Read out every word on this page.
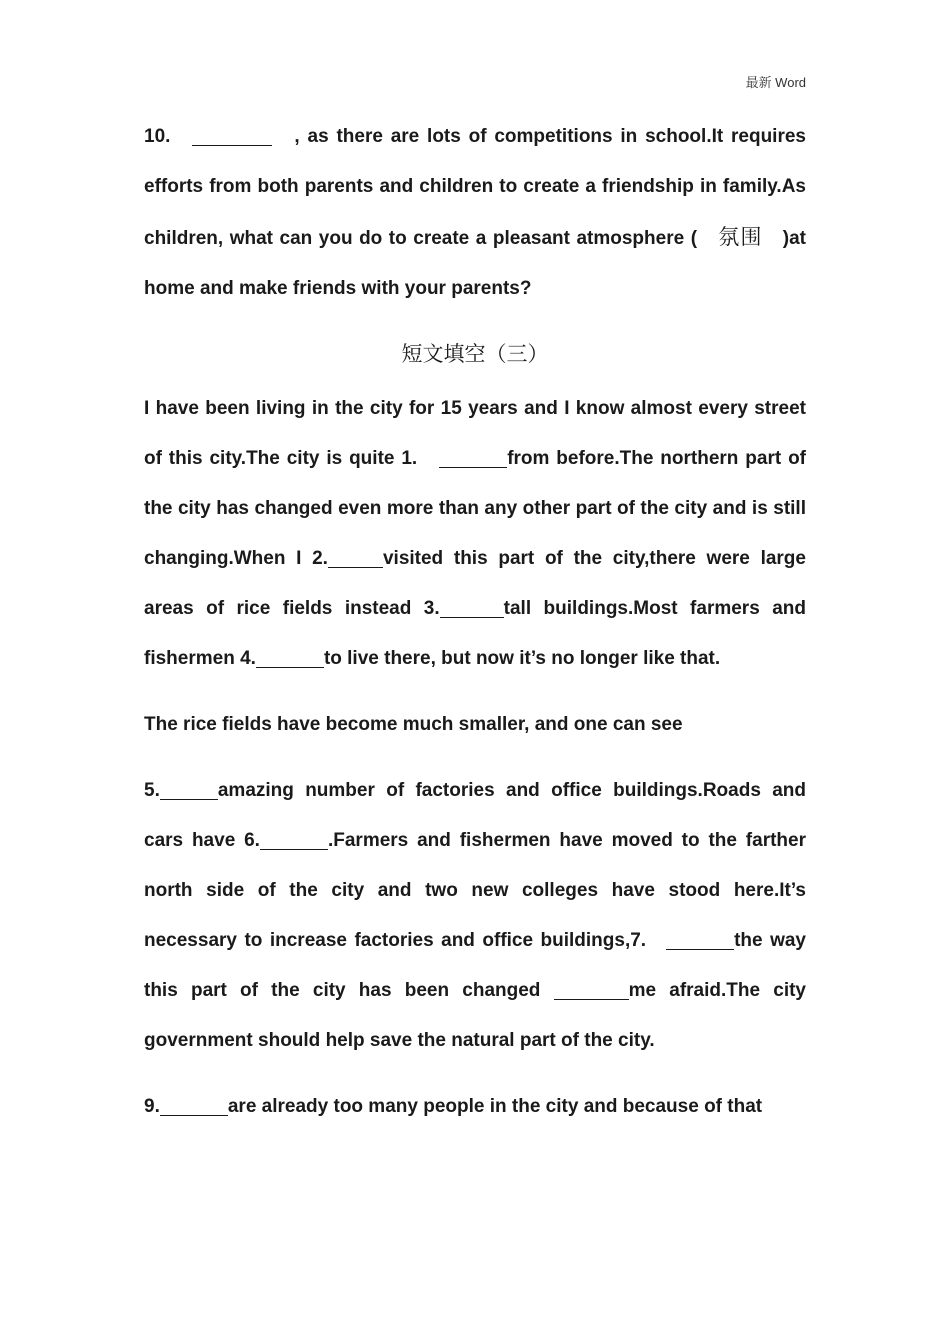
最新 Word

10.	, as there are lots of competitions in school.It requires efforts from both parents and children to create a friendship in family.As children, what can you do to create a pleasant atmosphere ( 氛围 )at home and make friends with your parents?

短文填空（三）

I have been living in the city for 15 years and I know almost every street of this city.The city is quite 1.	from before.The northern part of the city has changed even more than any other part of the city and is still changing.When I 2.	visited this part of the city,there were large areas of rice fields instead 3.	tall buildings.Most farmers and fishermen 4.	to live there, but now it’s no longer like that.

The rice fields have become much smaller, and one can see

5.	amazing number of factories and office buildings.Roads and cars have 6.	.Farmers and fishermen have moved to the farther north side of the city and two new colleges have stood here.It’s necessary to increase factories and office buildings,7.	the way this part of the city has been changed	me afraid.The city government should help save the natural part of the city.

9.	are already too many people in the city and because of that
